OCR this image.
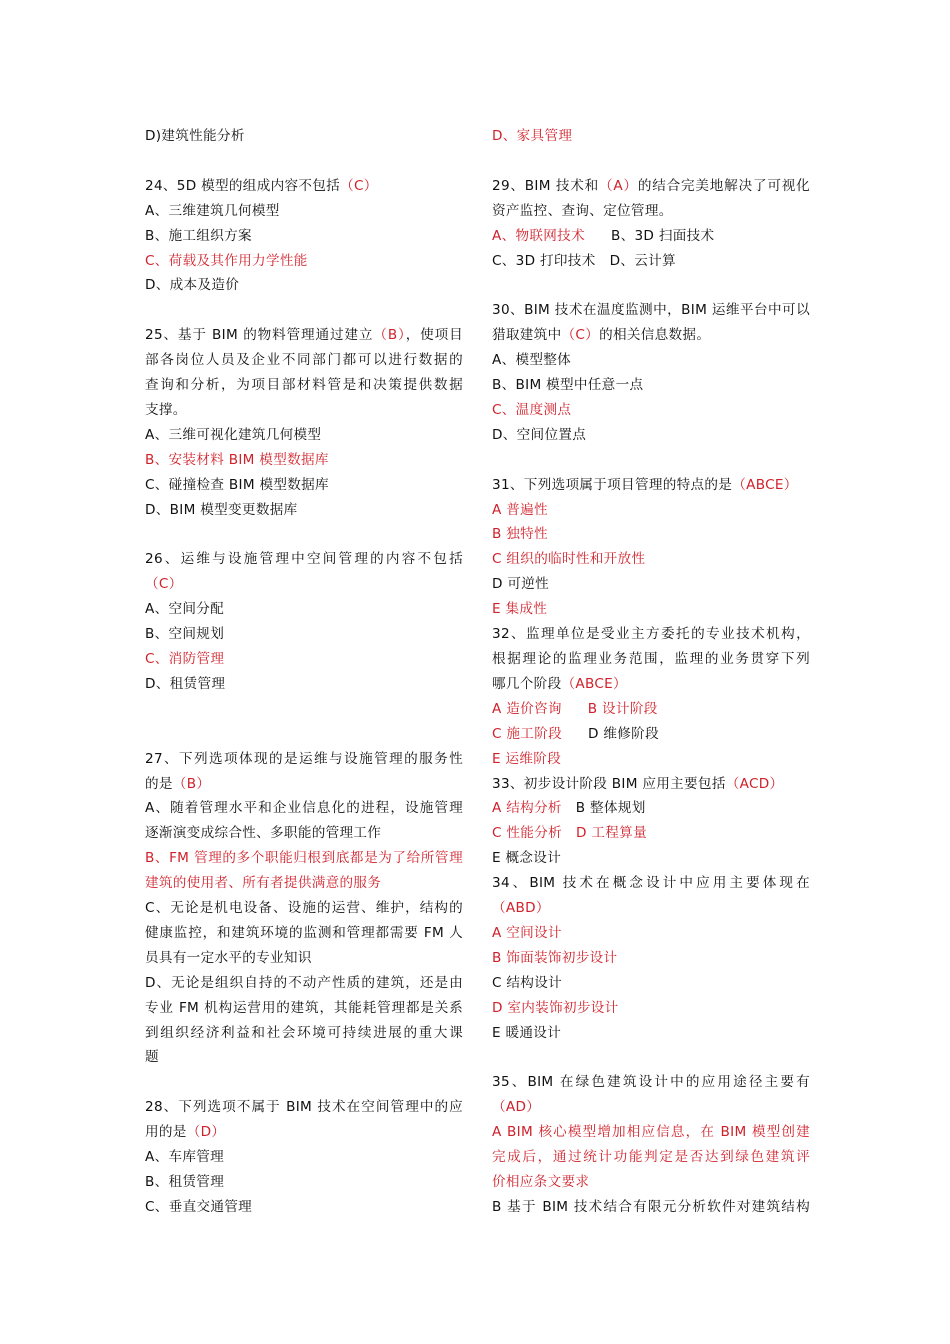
D)建筑性能分析
24、5D 模型的组成内容不包括（C）
A、三维建筑几何模型
B、施工组织方案
C、荷载及其作用力学性能
D、成本及造价
25、基于 BIM 的物料管理通过建立（B），使项目
部各岗位人员及企业不同部门都可以进行数据的
查询和分析，为项目部材料管是和决策提供数据
支撑。
A、三维可视化建筑几何模型
B、安装材料 BIM 模型数据库
C、碰撞检查 BIM 模型数据库
D、BIM 模型变更数据库
26、运维与设施管理中空间管理的内容不包括
（C）
A、空间分配
B、空间规划
C、消防管理
D、租赁管理
27、下列选项体现的是运维与设施管理的服务性
的是（B）
A、随着管理水平和企业信息化的进程，设施管理
逐渐演变成综合性、多职能的管理工作
B、FM 管理的多个职能归根到底都是为了给所管理
建筑的使用者、所有者提供满意的服务
C、无论是机电设备、设施的运营、维护，结构的
健康监控，和建筑环境的监测和管理都需要 FM 人
员具有一定水平的专业知识
D、无论是组织自持的不动产性质的建筑，还是由
专业 FM 机构运营用的建筑，其能耗管理都是关系
到组织经济利益和社会环境可持续进展的重大课
题
28、下列选项不属于 BIM 技术在空间管理中的应
用的是（D）
A、车库管理
B、租赁管理
C、垂直交通管理
D、家具管理
29、BIM 技术和（A）的结合完美地解决了可视化
资产监控、查询、定位管理。
A、物联网技术 B、3D 扫面技术
C、3D 打印技术 D、云计算
30、BIM 技术在温度监测中，BIM 运维平台中可以
猎取建筑中（C）的相关信息数据。
A、模型整体
B、BIM 模型中任意一点
C、温度测点
D、空间位置点
31、下列选项属于项目管理的特点的是（ABCE）
A 普遍性
B 独特性
C 组织的临时性和开放性
D 可逆性
E 集成性
32、监理单位是受业主方委托的专业技术机构，
根据理论的监理业务范围，监理的业务贯穿下列
哪几个阶段（ABCE）
A 造价咨询 B 设计阶段
C 施工阶段 D 维修阶段
E 运维阶段
33、初步设计阶段 BIM 应用主要包括（ACD）
A 结构分析 B 整体规划
C 性能分析 D 工程算量
E 概念设计
34、BIM 技术在概念设计中应用主要体现在
（ABD）
A 空间设计
B 饰面装饰初步设计
C 结构设计
D 室内装饰初步设计
E 暖通设计
35、BIM 在绿色建筑设计中的应用途径主要有
（AD）
A BIM 核心模型增加相应信息，在 BIM 模型创建
完成后，通过统计功能判定是否达到绿色建筑评
价相应条文要求
B 基于 BIM 技术结合有限元分析软件对建筑结构
